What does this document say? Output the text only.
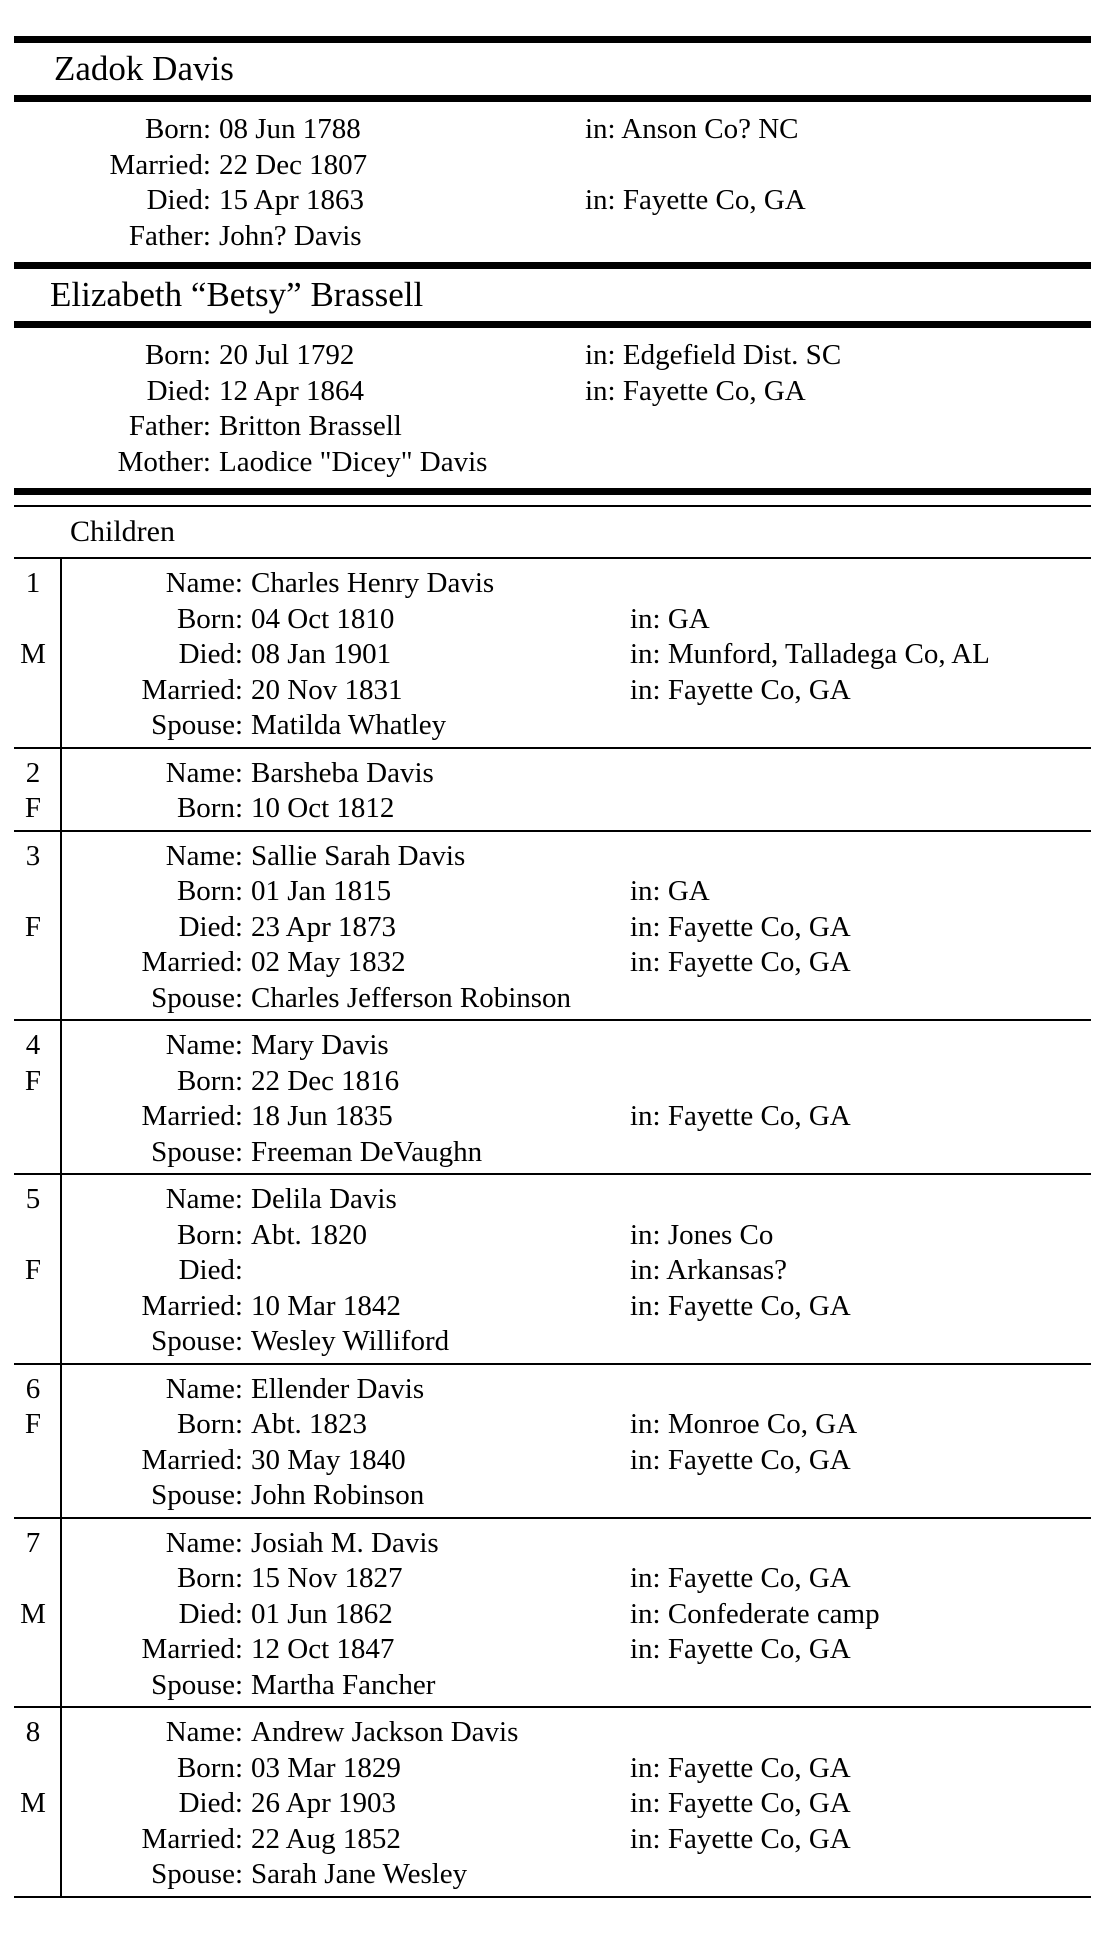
Zadok Davis
Born: 08 Jun 1788	in: Anson Co? NC
Married: 22 Dec 1807
Died: 15 Apr 1863	in: Fayette Co, GA
Father: John? Davis
Elizabeth “Betsy” Brassell
Born: 20 Jul 1792	in: Edgefield Dist. SC
Died: 12 Apr 1864	in: Fayette Co, GA
Father: Britton Brassell
Mother: Laodice "Dicey" Davis
Children
1
M
Name: Charles Henry Davis
Born: 04 Oct 1810	in: GA
Died: 08 Jan 1901	in: Munford, Talladega Co, AL
Married: 20 Nov 1831	in: Fayette Co, GA
Spouse: Matilda Whatley
2
F
Name: Barsheba Davis
Born: 10 Oct 1812
3
F
Name: Sallie Sarah Davis
Born: 01 Jan 1815	in: GA
Died: 23 Apr 1873	in: Fayette Co, GA
Married: 02 May 1832	in: Fayette Co, GA
Spouse: Charles Jefferson Robinson
4
F
Name: Mary Davis
Born: 22 Dec 1816
Married: 18 Jun 1835	in: Fayette Co, GA
Spouse: Freeman DeVaughn
5
F
Name: Delila Davis
Born: Abt. 1820	in: Jones Co
Died:	in: Arkansas?
Married: 10 Mar 1842	in: Fayette Co, GA
Spouse: Wesley Williford
6
F
Name: Ellender Davis
Born: Abt. 1823	in: Monroe Co, GA
Married: 30 May 1840	in: Fayette Co, GA
Spouse: John Robinson
7
M
Name: Josiah M. Davis
Born: 15 Nov 1827	in: Fayette Co, GA
Died: 01 Jun 1862	in: Confederate camp
Married: 12 Oct 1847	in: Fayette Co, GA
Spouse: Martha Fancher
8
M
Name: Andrew Jackson Davis
Born: 03 Mar 1829	in: Fayette Co, GA
Died: 26 Apr 1903	in: Fayette Co, GA
Married: 22 Aug 1852	in: Fayette Co, GA
Spouse: Sarah Jane Wesley
